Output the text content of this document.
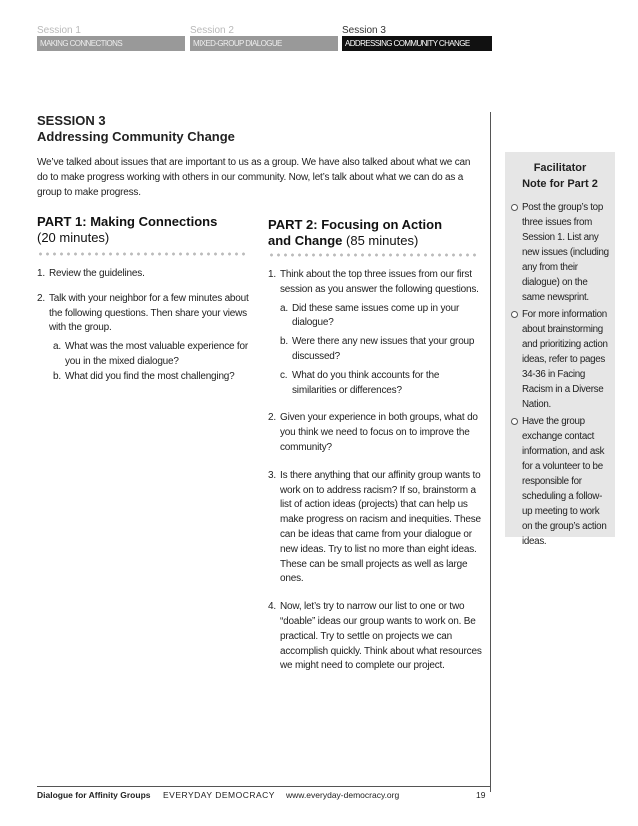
Session 1	Session 2	Session 3
MAKING CONNECTIONS	MIXED-GROUP DIALOGUE	ADDRESSING COMMUNITY CHANGE
SESSION 3
Addressing Community Change
We’ve talked about issues that are important to us as a group. We have also talked about what we can do to make progress working with others in our community. Now, let’s talk about what we can do as a group to make progress.
PART 1: Making Connections
(20 minutes)
1. Review the guidelines.
2. Talk with your neighbor for a few minutes about the following questions. Then share your views with the group.
a. What was the most valuable experience for you in the mixed dialogue?
b. What did you find the most challenging?
PART 2: Focusing on Action
and Change (85 minutes)
1. Think about the top three issues from our first session as you answer the following questions.
a. Did these same issues come up in your dialogue?
b. Were there any new issues that your group discussed?
c. What do you think accounts for the similarities or differences?
2. Given your experience in both groups, what do you think we need to focus on to improve the community?
3. Is there anything that our affinity group wants to work on to address racism? If so, brainstorm a list of action ideas (projects) that can help us make progress on racism and inequities. These can be ideas that came from your dialogue or new ideas. Try to list no more than eight ideas. These can be small projects as well as large ones.
4. Now, let’s try to narrow our list to one or two “doable” ideas our group wants to work on. Be practical. Try to settle on projects we can accomplish quickly. Think about what resources we might need to complete our project.
Facilitator Note for Part 2
Post the group’s top three issues from Session 1. List any new issues (including any from their dialogue) on the same newsprint.
For more information about brainstorming and prioritizing action ideas, refer to pages 34-36 in Facing Racism in a Diverse Nation.
Have the group exchange contact information, and ask for a volunteer to be responsible for scheduling a follow-up meeting to work on the group’s action ideas.
Dialogue for Affinity Groups EVERYDAY DEMOCRACY www.everyday-democracy.org	19
